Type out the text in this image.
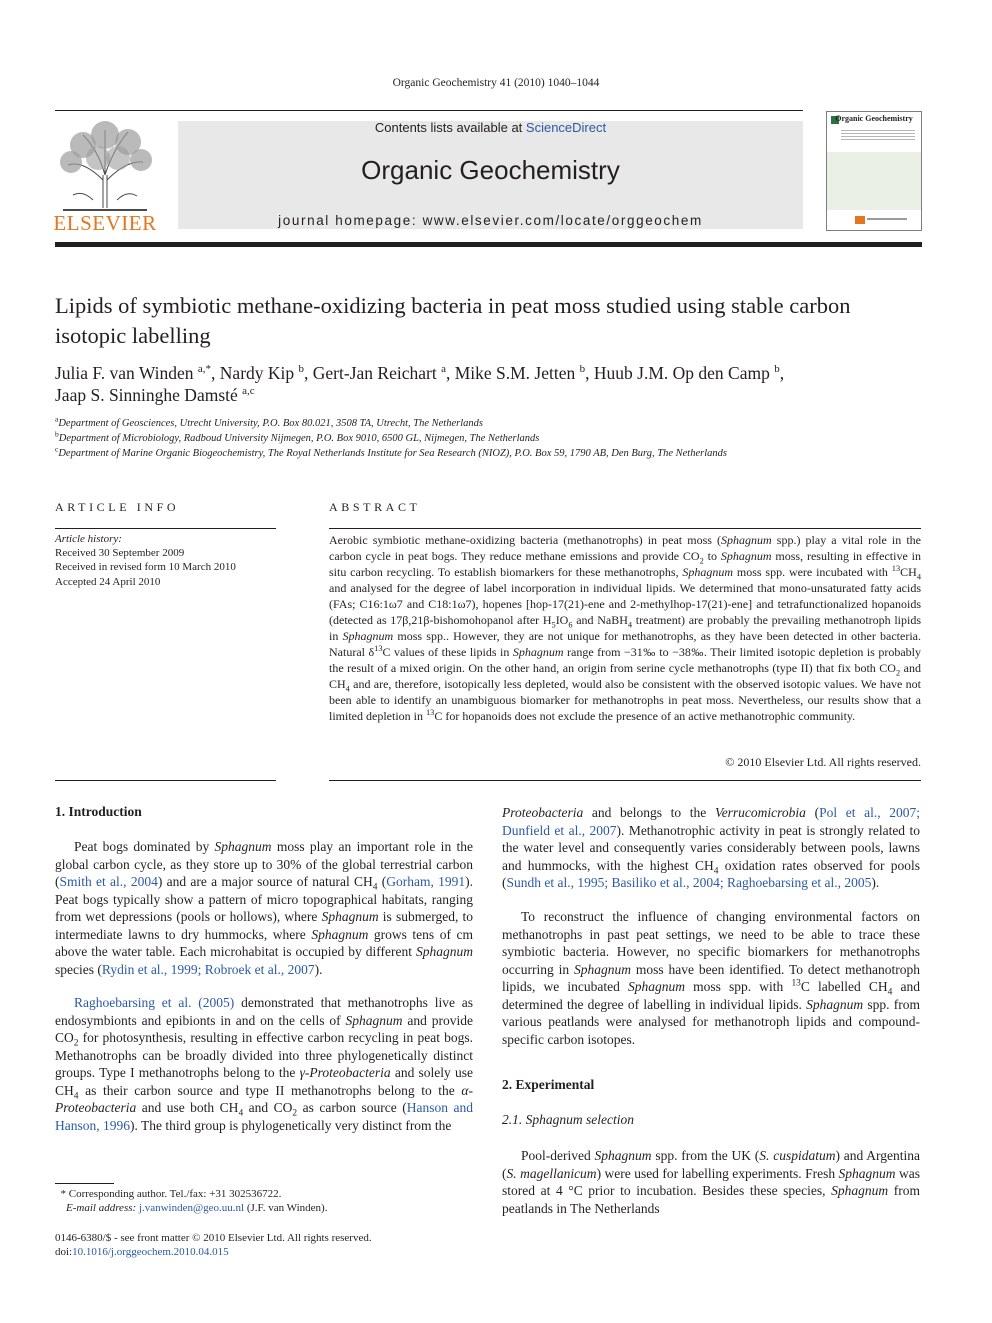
Organic Geochemistry 41 (2010) 1040–1044
ELSEVIER
Contents lists available at ScienceDirect
Organic Geochemistry
journal homepage: www.elsevier.com/locate/orggeochem
Organic Geochemistry
Lipids of symbiotic methane-oxidizing bacteria in peat moss studied using stable carbon isotopic labelling
Julia F. van Winden $^{a,*}$, Nardy Kip $^b$, Gert-Jan Reichart $^a$, Mike S.M. Jetten $^b$, Huub J.M. Op den Camp $^b$,
Jaap S. Sinninghe Damsté $^{a,c}$
$^a$Department of Geosciences, Utrecht University, P.O. Box 80.021, 3508 TA, Utrecht, The Netherlands
$^b$Department of Microbiology, Radboud University Nijmegen, P.O. Box 9010, 6500 GL, Nijmegen, The Netherlands
$^c$Department of Marine Organic Biogeochemistry, The Royal Netherlands Institute for Sea Research (NIOZ), P.O. Box 59, 1790 AB, Den Burg, The Netherlands
ARTICLE INFO	ABSTRACT
Article history:
Received 30 September 2009
Received in revised form 10 March 2010
Accepted 24 April 2010
Aerobic symbiotic methane-oxidizing bacteria (methanotrophs) in peat moss (Sphagnum spp.) play a vital role in the carbon cycle in peat bogs. They reduce methane emissions and provide $CO_2$ to Sphagnum moss, resulting in effective in situ carbon recycling. To establish biomarkers for these methanotrophs, Sphagnum moss spp. were incubated with $^{13}CH_4$ and analysed for the degree of label incorporation in individual lipids. We determined that mono-unsaturated fatty acids (FAs; C16:1ω7 and C18:1ω7), hopenes [hop-17(21)-ene and 2-methylhop-17(21)-ene] and tetrafunctionalized hopanoids (detected as 17β,21β-bishomohopanol after $H_5IO_6$ and NaBH$_4$ treatment) are probably the prevailing methanotroph lipids in Sphagnum moss spp.. However, they are not unique for methanotrophs, as they have been detected in other bacteria. Natural $\delta^{13}C$ values of these lipids in Sphagnum range from −31‰ to −38‰. Their limited isotopic depletion is probably the result of a mixed origin. On the other hand, an origin from serine cycle methanotrophs (type II) that fix both $CO_2$ and $CH_4$ and are, therefore, isotopically less depleted, would also be consistent with the observed isotopic values. We have not been able to identify an unambiguous biomarker for methanotrophs in peat moss. Nevertheless, our results show that a limited depletion in $^{13}$C for hopanoids does not exclude the presence of an active methanotrophic community.
© 2010 Elsevier Ltd. All rights reserved.
1. Introduction

Peat bogs dominated by Sphagnum moss play an important role in the global carbon cycle, as they store up to 30% of the global terrestrial carbon (Smith et al., 2004) and are a major source of natural $CH_4$ (Gorham, 1991). Peat bogs typically show a pattern of micro topographical habitats, ranging from wet depressions (pools or hollows), where Sphagnum is submerged, to intermediate lawns to dry hummocks, where Sphagnum grows tens of cm above the water table. Each microhabitat is occupied by different Sphagnum species (Rydin et al., 1999; Robroek et al., 2007).

Raghoebarsing et al. (2005) demonstrated that methanotrophs live as endosymbionts and epibionts in and on the cells of Sphagnum and provide $CO_2$ for photosynthesis, resulting in effective carbon recycling in peat bogs. Methanotrophs can be broadly divided into three phylogenetically distinct groups. Type I methanotrophs belong to the γ-Proteobacteria and solely use $CH_4$ as their carbon source and type II methanotrophs belong to the α-Proteobacteria and use both $CH_4$ and $CO_2$ as carbon source (Hanson and Hanson, 1996). The third group is phylogenetically very distinct from the

* Corresponding author. Tel./fax: +31 302536722.
E-mail address: j.vanwinden@geo.uu.nl (J.F. van Winden).
0146-6380/$ - see front matter © 2010 Elsevier Ltd. All rights reserved.
doi:10.1016/j.orggeochem.2010.04.015

Proteobacteria and belongs to the Verrucomicrobia (Pol et al., 2007; Dunfield et al., 2007). Methanotrophic activity in peat is strongly related to the water level and consequently varies considerably between pools, lawns and hummocks, with the highest $CH_4$ oxidation rates observed for pools (Sundh et al., 1995; Basiliko et al., 2004; Raghoebarsing et al., 2005).

To reconstruct the influence of changing environmental factors on methanotrophs in past peat settings, we need to be able to trace these symbiotic bacteria. However, no specific biomarkers for methanotrophs occurring in Sphagnum moss have been identified. To detect methanotroph lipids, we incubated Sphagnum moss spp. with $^{13}$C labelled $CH_4$ and determined the degree of labelling in individual lipids. Sphagnum spp. from various peatlands were analysed for methanotroph lipids and compound-specific carbon isotopes.

2. Experimental
2.1. Sphagnum selection

Pool-derived Sphagnum spp. from the UK (S. cuspidatum) and Argentina (S. magellanicum) were used for labelling experiments. Fresh Sphagnum was stored at 4 °C prior to incubation. Besides these species, Sphagnum from peatlands in The Netherlands
